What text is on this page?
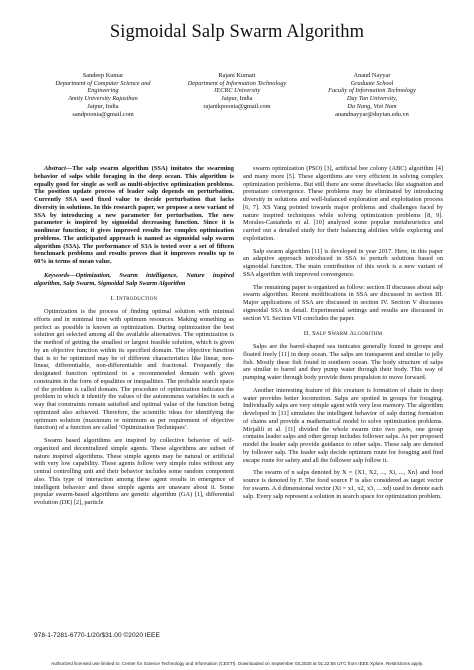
Sigmoidal Salp Swarm Algorithm
Sandeep Kumar
Department of Computer Science and
Engineering
Amity University Rajasthan
Jaipur, India
sandpoonia@gmail.com
Rajani Kumari
Department of Information Technology
JECRC University
Jaipur, India
rajanikpoonia@gmail.com
Anand Nayyar
Graduate School
Faculty of Information Technology
Duy Tan University,
Da Nang, Viet Nam
anandnayyar@duytan.edu.vn

Abstract—The salp swarm algorithm (SSA) imitates the swarming behavior of salps while foraging in the deep ocean. This algorithm is equally good for single as well as multi-objective optimization problems. The position update process of leader salp depends on perturbation. Currently SSA used fixed value to decide perturbation that lacks diversity in solutions. In this research paper, we propose a new variant of SSA by introducing a new parameter for perturbation. The new parameter is inspired by sigmoidal decreasing function. Since it is nonlinear function; it gives improved results for complex optimization problems. The anticipated approach is named as sigmoidal salp swarm algorithm (S3A). The performance of S3A is tested over a set of fifteen benchmark problems and results proves that it improves results up to 60% in terms of mean value.

Keywords—Optimization, Swarm intelligence, Nature inspired algorithm, Salp Swarm, Sigmoidal Salp Swarm Algorithm

I. Introduction

Optimization is the process of finding optimal solution with minimal efforts and in minimal time with optimum resources. Making something as perfect as possible is known as optimization. During optimization the best solution get selected among all the available alternatives. The optimization is the method of getting the smallest or largest feasible solution, which is given by an objective function within its specified domain. The objective function that is to be optimized may be of different characteristics like linear, non-linear, differentiable, non-differentiable and fractional. Frequently the designated function optimized in a recommended domain with given constraints in the form of equalities or inequalities. The probable search space of the problem is called domain. The procedure of optimization indicates the problem in which it identify the values of the autonomous variables in such a way that constraints remain satisfied and optimal value of the function being optimized also achieved. Therefore, the scientific ideas for identifying the optimum solution (maximum or minimum as per requirement of objective function) of a function are called ‘Optimization Techniques’.

Swarm based algorithms are inspired by collective behavior of self-organized and decentralized simple agents. These algorithms are subset of nature inspired algorithms. These simple agents may be natural or artificial with very low capability. These agents follow very simple rules without any central controlling unit and their behavior includes some random component also. This type of interaction among these agent results in emergence of intelligent behavior and these simple agents are unaware about it. Some popular swarm-based algorithms are genetic algorithm (GA) [1], differential evolution (DE) [2], particle

swarm optimization (PSO) [3], artificial bee colony (ABC) algorithm [4] and many more [5]. These algorithms are very efficient in solving complex optimization problems. But still there are some drawbacks like stagnation and premature convergence. These problems may be eliminated by introducing diversity in solutions and well-balanced exploration and exploitation process [6, 7]. XS Yang pointed towards major problems and challenges faced by nature inspired techniques while solving optimization problems [8, 9]. Morales-Castañeda et al. [10] analyzed some popular metaheuristics and carried out a detailed study for their balancing abilities while exploring and exploitation.

Salp swarm algorithm [11] is developed in year 2017. Here, in this paper an adaptive approach introduced in SSA to perturb solutions based on sigmoidal function. The main contribution of this work is a new variant of SSA algorithm with improved convergence.

The remaining paper is organized as follow: section II discusses about salp swarm algorithm. Recent modifications in SSA are discussed in section III. Major applications of SSA are discussed in section IV. Section V discusses sigmoidal SSA in detail. Experimental settings and results are discussed in section VI. Section VII concludes the paper.

II. Salp Swarm Algorithm

Salps are the barrel-shaped sea tunicates generally found in groups and floated freely [11] in deep ocean. The salps are transparent and similar to jelly fish. Mostly these fish found in southern ocean. The body structure of salps are similar to barrel and they pump water through their body. This way of pumping water through body provide them propulsion to move forward.

Another interesting feature of this creature is formation of chain in deep water provides better locomotion. Salps are spotted in groups for foraging. Individually salps are very simple agent with very less memory. The algorithm developed in [11] simulates the intelligent behavior of salp during formation of chains and provide a mathematical model to solve optimization problems. Mirjalili et al. [11] divided the whole swarm into two parts, one group contains leader salps and other group includes follower salps. As per proposed model the leader salp provide guidance to other salps. These salp are denoted by follower salp. The leader salp decide optimum route for foraging and find escape route for safety and all the follower salp follow it.

The swarm of n salps denoted by X = {X1, X2, ..., Xi, ..., Xn} and food source is denoted by F. The food source F is also considered as target vector for swarm. A d dimensional vector (Xi = x1, x2, x3, ... xd) used to denote each salp. Every salp represent a solution in search space for optimization problem.

978-1-7281-6770-1/20/$31.00 ©2020 IEEE
Authorized licensed use limited to: Center for Science Technology and Information (CESTI). Downloaded on September 03,2020 at 01:22:55 UTC from IEEE Xplore. Restrictions apply.
